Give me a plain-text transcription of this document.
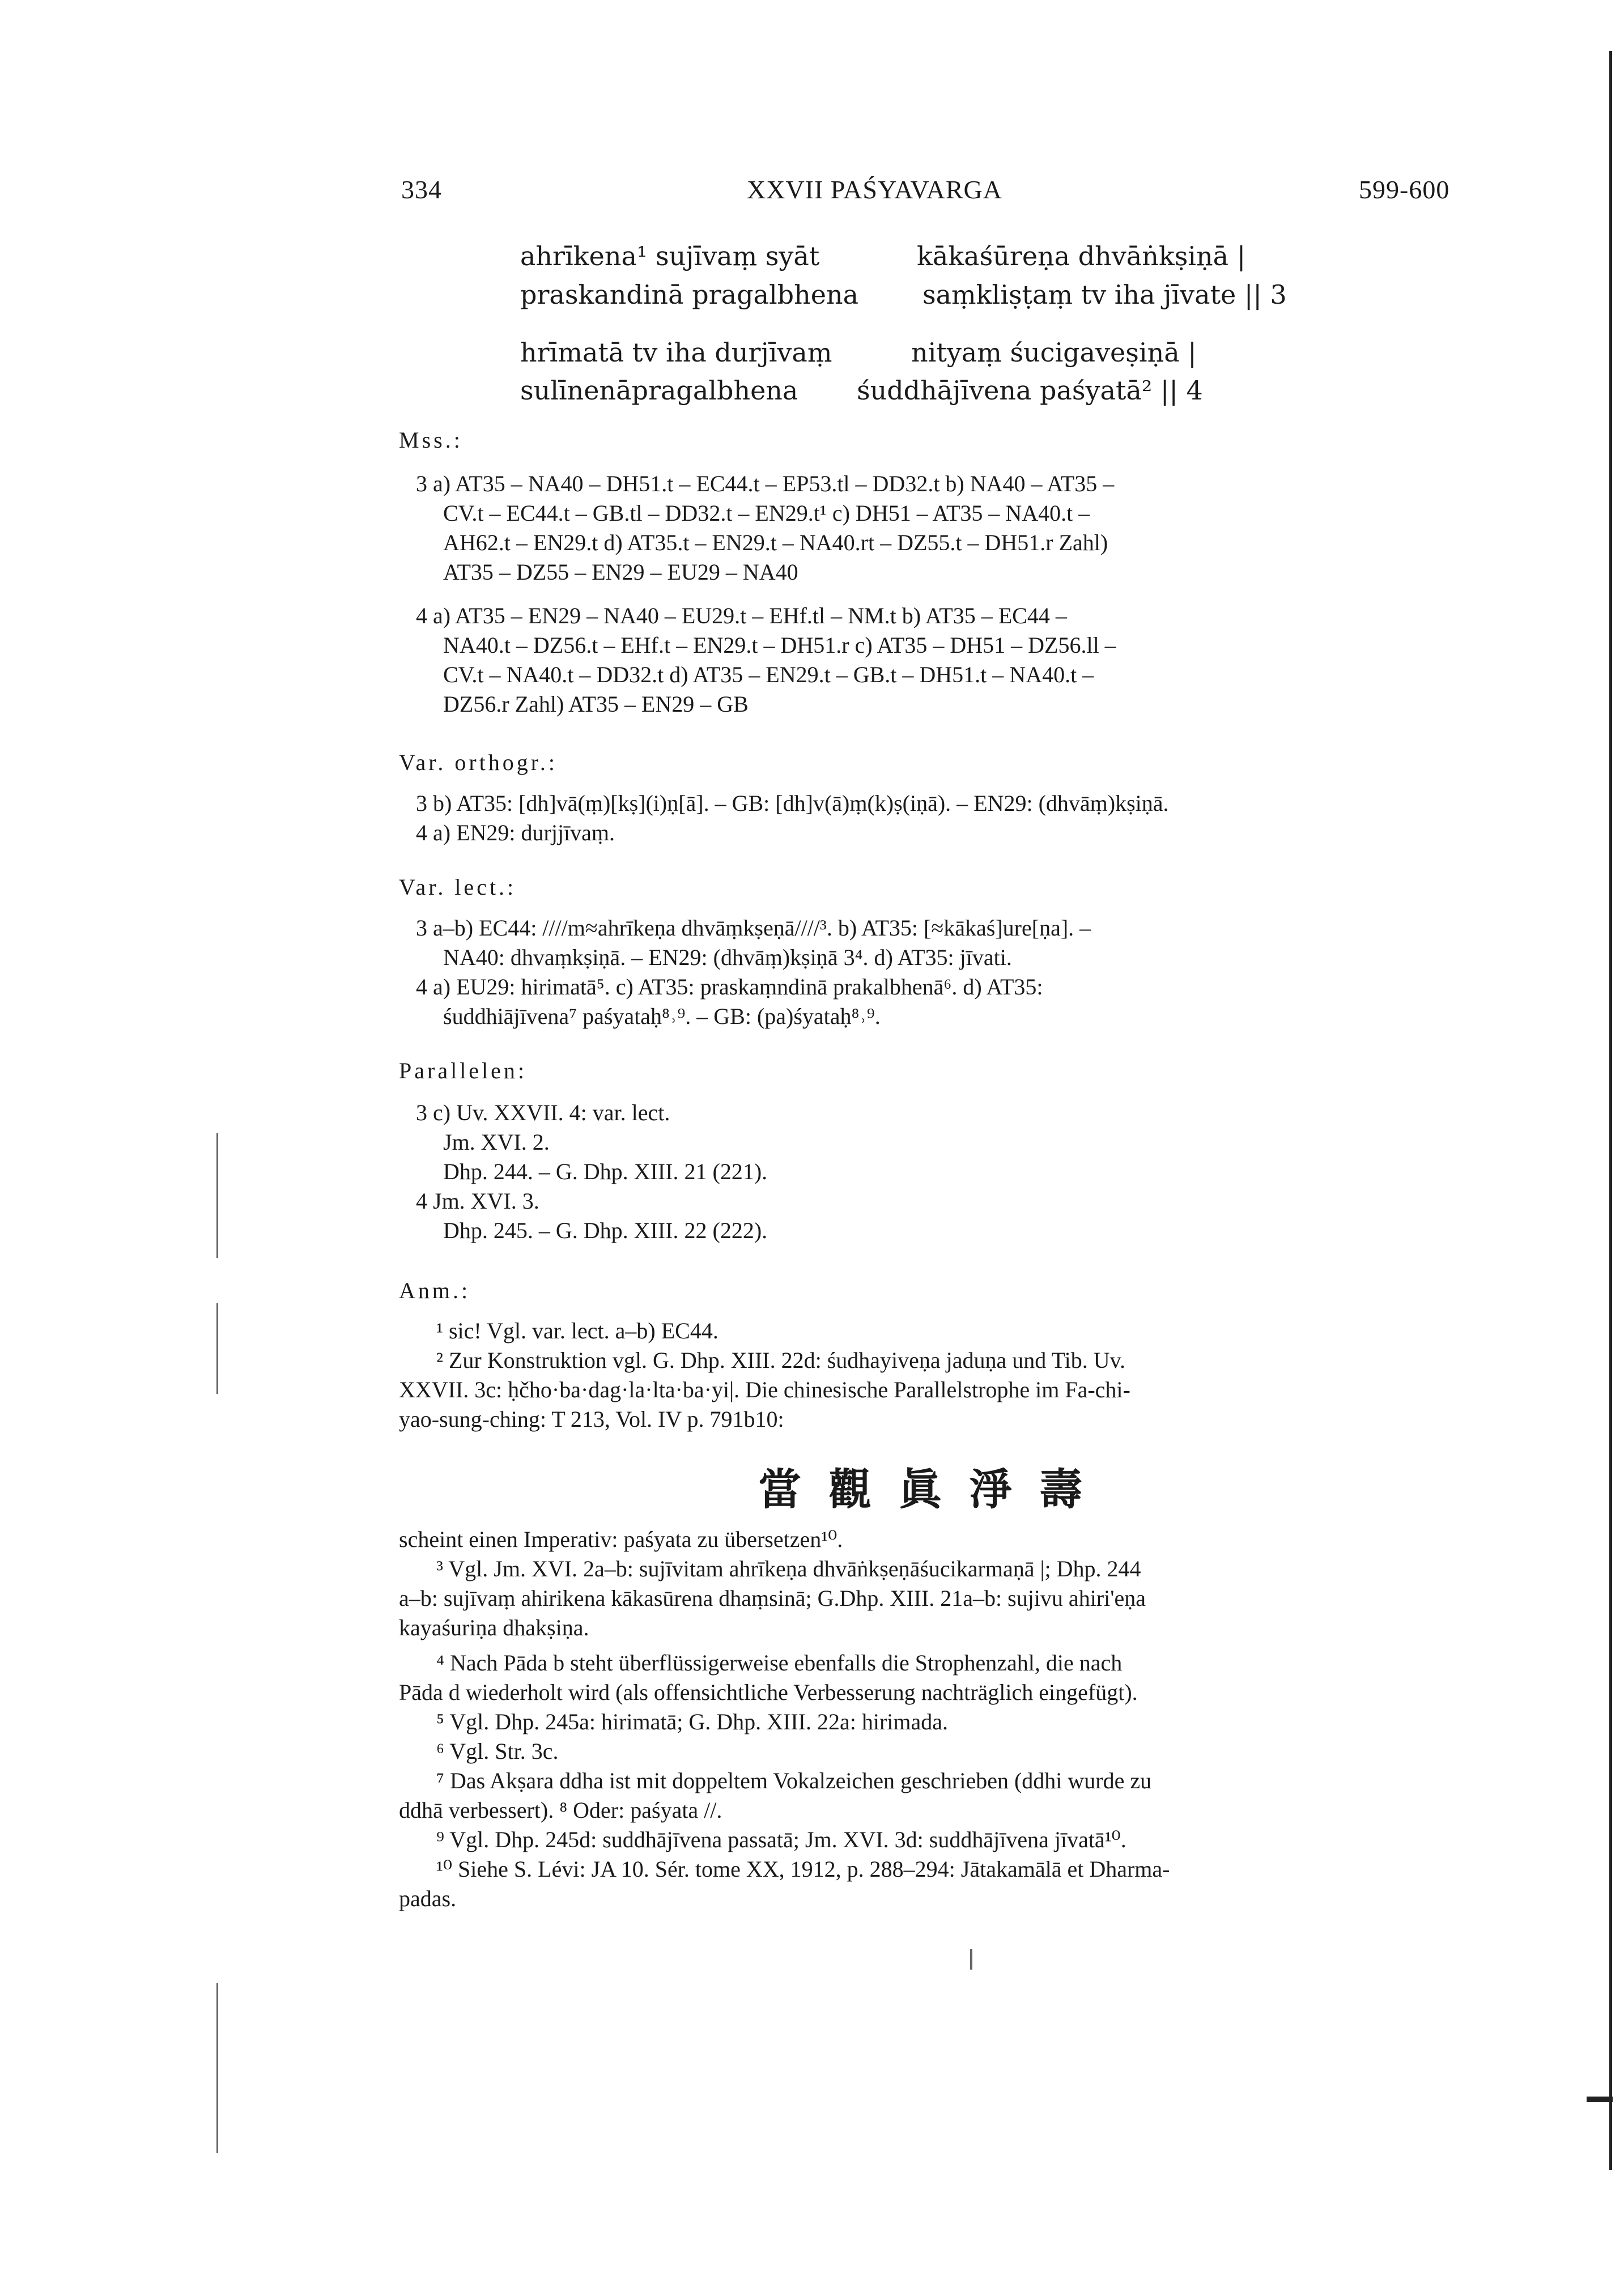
334	XXVII PAŚYAVARGA	599-600
ahrīkena¹ sujīvaṃ syāt	kākaśūreṇa dhvāṅkṣiṇā |
praskandinā pragalbhena saṃkliṣṭaṃ tv iha jīvate || 3
hrīmatā tv iha durjīvaṃ	nityaṃ śucigaveṣiṇā |
sulīnenāpragalbhena śuddhājīvena paśyatā² || 4
Mss.:
3 a) AT35 – NA40 – DH51.t – EC44.t – EP53.tl – DD32.t b) NA40 – AT35 –
CV.t – EC44.t – GB.tl – DD32.t – EN29.t¹ c) DH51 – AT35 – NA40.t –
AH62.t – EN29.t d) AT35.t – EN29.t – NA40.rt – DZ55.t – DH51.r Zahl)
AT35 – DZ55 – EN29 – EU29 – NA40
4 a) AT35 – EN29 – NA40 – EU29.t – EHf.tl – NM.t b) AT35 – EC44 –
NA40.t – DZ56.t – EHf.t – EN29.t – DH51.r c) AT35 – DH51 – DZ56.ll –
CV.t – NA40.t – DD32.t d) AT35 – EN29.t – GB.t – DH51.t – NA40.t –
DZ56.r Zahl) AT35 – EN29 – GB
Var. orthogr.:
3 b) AT35: [dh]vā(ṃ)[kṣ](i)ṇ[ā]. – GB: [dh]v(ā)ṃ(k)ṣ(iṇā). – EN29: (dhvāṃ)kṣiṇā.
4 a) EN29: durjjīvaṃ.
Var. lect.:
3 a–b) EC44: ////m≈ahrīkeṇa dhvāṃkṣeṇā////³. b) AT35: [≈kākaś]ure[ṇa]. –
NA40: dhvaṃkṣiṇā. – EN29: (dhvāṃ)kṣiṇā 3⁴. d) AT35: jīvati.
4 a) EU29: hirimatā⁵. c) AT35: praskaṃndinā prakalbhenā⁶. d) AT35:
śuddhiājīvena⁷ paśyataḥ⁸˒⁹. – GB: (pa)śyataḥ⁸˒⁹.
Parallelen:
3 c) Uv. XXVII. 4: var. lect.
Jm. XVI. 2.
Dhp. 244. – G. Dhp. XIII. 21 (221).
4 Jm. XVI. 3.
Dhp. 245. – G. Dhp. XIII. 22 (222).
Anm.:
¹ sic! Vgl. var. lect. a–b) EC44.
² Zur Konstruktion vgl. G. Dhp. XIII. 22d: śudhayiveṇa jaduṇa und Tib. Uv.
XXVII. 3c: ḥčho·ba·dag·la·lta·ba·yi|. Die chinesische Parallelstrophe im Fa-chi-
yao-sung-ching: T 213, Vol. IV p. 791b10:
當觀眞淨壽
scheint einen Imperativ: paśyata zu übersetzen¹⁰.
³ Vgl. Jm. XVI. 2a–b: sujīvitam ahrīkeṇa dhvāṅkṣeṇāśucikarmaṇā |; Dhp. 244
a–b: sujīvaṃ ahirikena kākasūrena dhaṃsinā; G.Dhp. XIII. 21a–b: sujivu ahiri'eṇa
kayaśuriṇa dhakṣiṇa.
⁴ Nach Pāda b steht überflüssigerweise ebenfalls die Strophenzahl, die nach
Pāda d wiederholt wird (als offensichtliche Verbesserung nachträglich eingefügt).
⁵ Vgl. Dhp. 245a: hirimatā; G. Dhp. XIII. 22a: hirimada.
⁶ Vgl. Str. 3c.
⁷ Das Akṣara ddha ist mit doppeltem Vokalzeichen geschrieben (ddhi wurde zu
ddhā verbessert). ⁸ Oder: paśyata //.
⁹ Vgl. Dhp. 245d: suddhājīvena passatā; Jm. XVI. 3d: suddhājīvena jīvatā¹⁰.
¹⁰ Siehe S. Lévi: JA 10. Sér. tome XX, 1912, p. 288–294: Jātakamālā et Dharma-
padas.
